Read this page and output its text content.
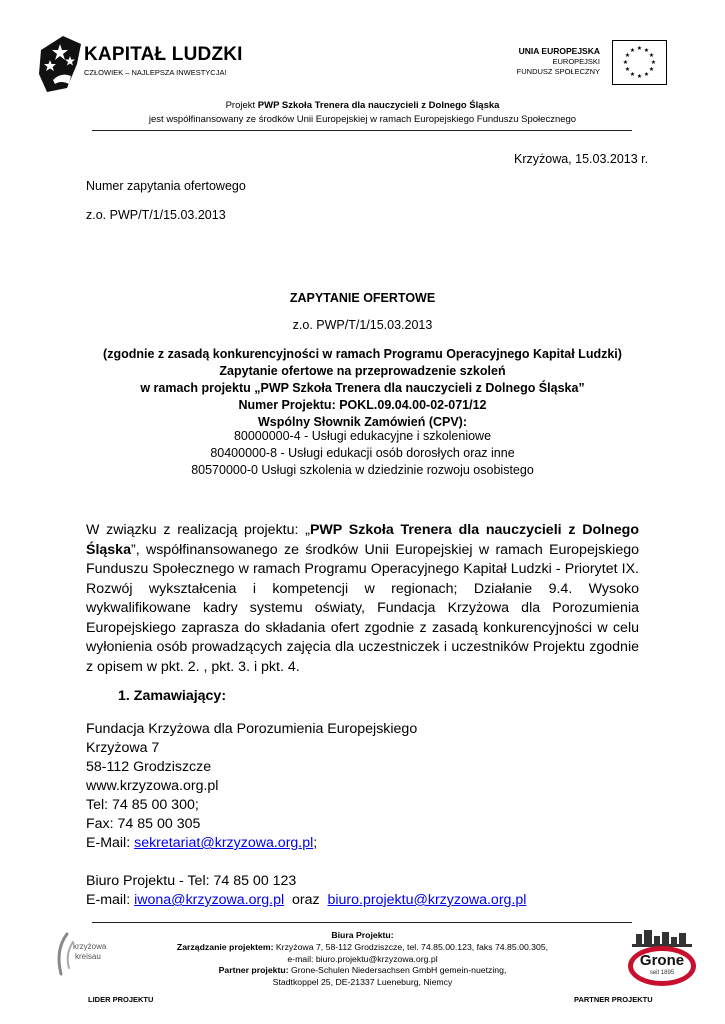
KAPITAŁ LUDZKI
CZŁOWIEK – NAJLEPSZA INWESTYCJA!
UNIA EUROPEJSKA
EUROPEJSKI
FUNDUSZ SPOŁECZNY
★ ★
★
★
★
★
★
★
★
★
★
★
Projekt PWP Szkoła Trenera dla nauczycieli z Dolnego Śląska
jest współfinansowany ze środków Unii Europejskiej w ramach Europejskiego Funduszu Społecznego
Krzyżowa, 15.03.2013 r.
Numer zapytania ofertowego
z.o. PWP/T/1/15.03.2013
ZAPYTANIE OFERTOWE
z.o. PWP/T/1/15.03.2013
(zgodnie z zasadą konkurencyjności w ramach Programu Operacyjnego Kapitał Ludzki)
Zapytanie ofertowe na przeprowadzenie szkoleń
w ramach projektu „PWP Szkoła Trenera dla nauczycieli z Dolnego Śląska”
Numer Projektu: POKL.09.04.00-02-071/12
Wspólny Słownik Zamówień (CPV):
80000000-4 - Usługi edukacyjne i szkoleniowe
80400000-8 - Usługi edukacji osób dorosłych oraz inne
80570000-0 Usługi szkolenia w dziedzinie rozwoju osobistego
W związku z realizacją projektu: „PWP Szkoła Trenera dla nauczycieli z Dolnego Śląska”, współfinansowanego ze środków Unii Europejskiej w ramach Europejskiego Funduszu Społecznego w ramach Programu Operacyjnego Kapitał Ludzki - Priorytet IX. Rozwój wykształcenia i kompetencji w regionach; Działanie 9.4. Wysoko wykwalifikowane kadry systemu oświaty, Fundacja Krzyżowa dla Porozumienia Europejskiego zaprasza do składania ofert zgodnie z zasadą konkurencyjności w celu wyłonienia osób prowadzących zajęcia dla uczestniczek i uczestników Projektu zgodnie z opisem w pkt. 2. , pkt. 3. i pkt. 4.
1. Zamawiający:
Fundacja Krzyżowa dla Porozumienia Europejskiego
Krzyżowa 7
58-112 Grodziszcze
www.krzyzowa.org.pl
Tel: 74 85 00 300;
Fax: 74 85 00 305
E-Mail: sekretariat@krzyzowa.org.pl;
Biuro Projektu - Tel: 74 85 00 123
E-mail: iwona@krzyzowa.org.pl  oraz  biuro.projektu@krzyzowa.org.pl
krzyżowa
kreisau
Biura Projektu:
Zarządzanie projektem: Krzyżowa 7, 58-112 Grodziszcze, tel. 74.85.00.123, faks 74.85.00.305,
e-mail: biuro.projektu@krzyzowa.org.pl
Partner projektu: Grone-Schulen Niedersachsen GmbH gemein-nuetzing,
Stadtkoppel 25, DE-21337 Lueneburg, Niemcy
Grone
seit 1895
LIDER PROJEKTU	PARTNER PROJEKTU
